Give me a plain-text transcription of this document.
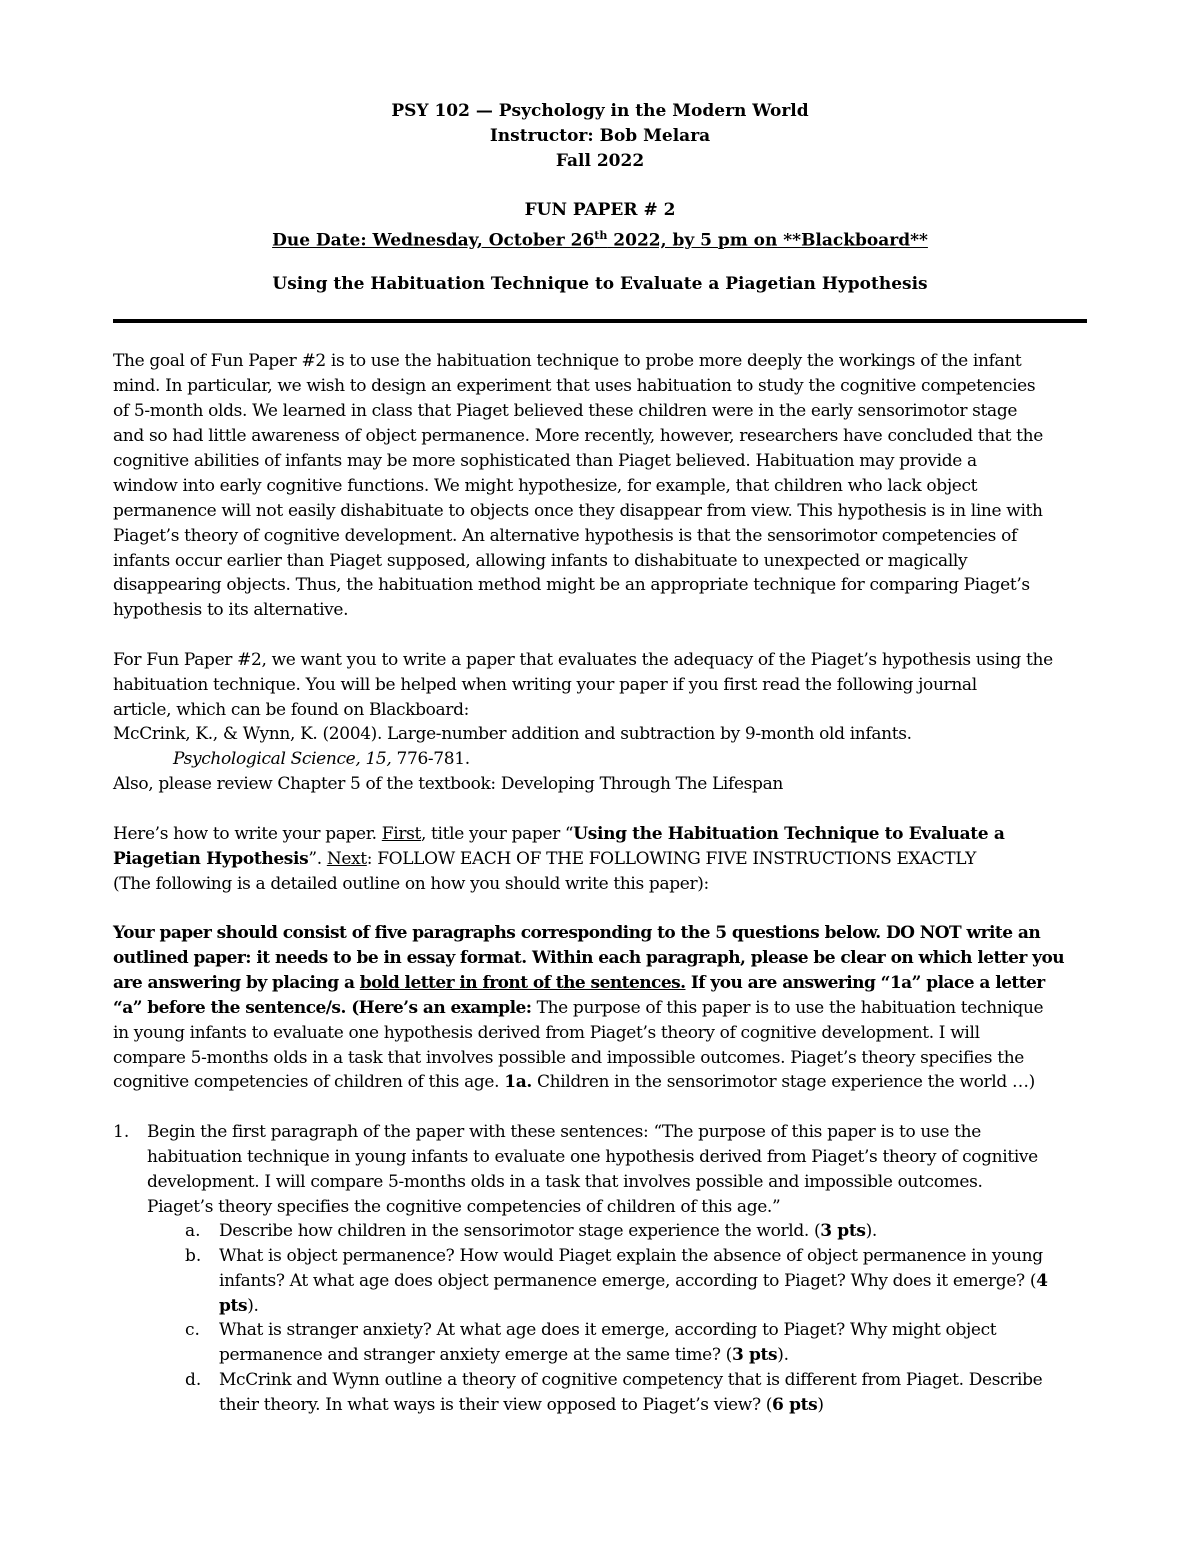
PSY 102 — Psychology in the Modern World
Instructor: Bob Melara
Fall 2022
FUN PAPER # 2
Due Date: Wednesday, October 26th 2022, by 5 pm on **Blackboard**
Using the Habituation Technique to Evaluate a Piagetian Hypothesis
The goal of Fun Paper #2 is to use the habituation technique to probe more deeply the workings of the infant
mind. In particular, we wish to design an experiment that uses habituation to study the cognitive competencies
of 5-month olds. We learned in class that Piaget believed these children were in the early sensorimotor stage
and so had little awareness of object permanence. More recently, however, researchers have concluded that the
cognitive abilities of infants may be more sophisticated than Piaget believed. Habituation may provide a
window into early cognitive functions. We might hypothesize, for example, that children who lack object
permanence will not easily dishabituate to objects once they disappear from view. This hypothesis is in line with
Piaget’s theory of cognitive development. An alternative hypothesis is that the sensorimotor competencies of
infants occur earlier than Piaget supposed, allowing infants to dishabituate to unexpected or magically
disappearing objects. Thus, the habituation method might be an appropriate technique for comparing Piaget’s
hypothesis to its alternative.
For Fun Paper #2, we want you to write a paper that evaluates the adequacy of the Piaget’s hypothesis using the
habituation technique. You will be helped when writing your paper if you first read the following journal
article, which can be found on Blackboard:
McCrink, K., & Wynn, K. (2004). Large-number addition and subtraction by 9-month old infants.
Psychological Science, 15, 776-781.
Also, please review Chapter 5 of the textbook: Developing Through The Lifespan
Here’s how to write your paper. First, title your paper “Using the Habituation Technique to Evaluate a
Piagetian Hypothesis”. Next: FOLLOW EACH OF THE FOLLOWING FIVE INSTRUCTIONS EXACTLY
(The following is a detailed outline on how you should write this paper):
Your paper should consist of five paragraphs corresponding to the 5 questions below. DO NOT write an
outlined paper: it needs to be in essay format. Within each paragraph, please be clear on which letter you
are answering by placing a bold letter in front of the sentences. If you are answering “1a” place a letter
“a” before the sentence/s. (Here’s an example: The purpose of this paper is to use the habituation technique
in young infants to evaluate one hypothesis derived from Piaget’s theory of cognitive development. I will
compare 5-months olds in a task that involves possible and impossible outcomes. Piaget’s theory specifies the
cognitive competencies of children of this age. 1a. Children in the sensorimotor stage experience the world …)
1. Begin the first paragraph of the paper with these sentences: “The purpose of this paper is to use the
habituation technique in young infants to evaluate one hypothesis derived from Piaget’s theory of cognitive
development. I will compare 5-months olds in a task that involves possible and impossible outcomes.
Piaget’s theory specifies the cognitive competencies of children of this age.”
a. Describe how children in the sensorimotor stage experience the world. (3 pts).
b. What is object permanence? How would Piaget explain the absence of object permanence in young
infants? At what age does object permanence emerge, according to Piaget? Why does it emerge? (4
pts).
c. What is stranger anxiety? At what age does it emerge, according to Piaget? Why might object
permanence and stranger anxiety emerge at the same time? (3 pts).
d. McCrink and Wynn outline a theory of cognitive competency that is different from Piaget. Describe
their theory. In what ways is their view opposed to Piaget’s view? (6 pts)
